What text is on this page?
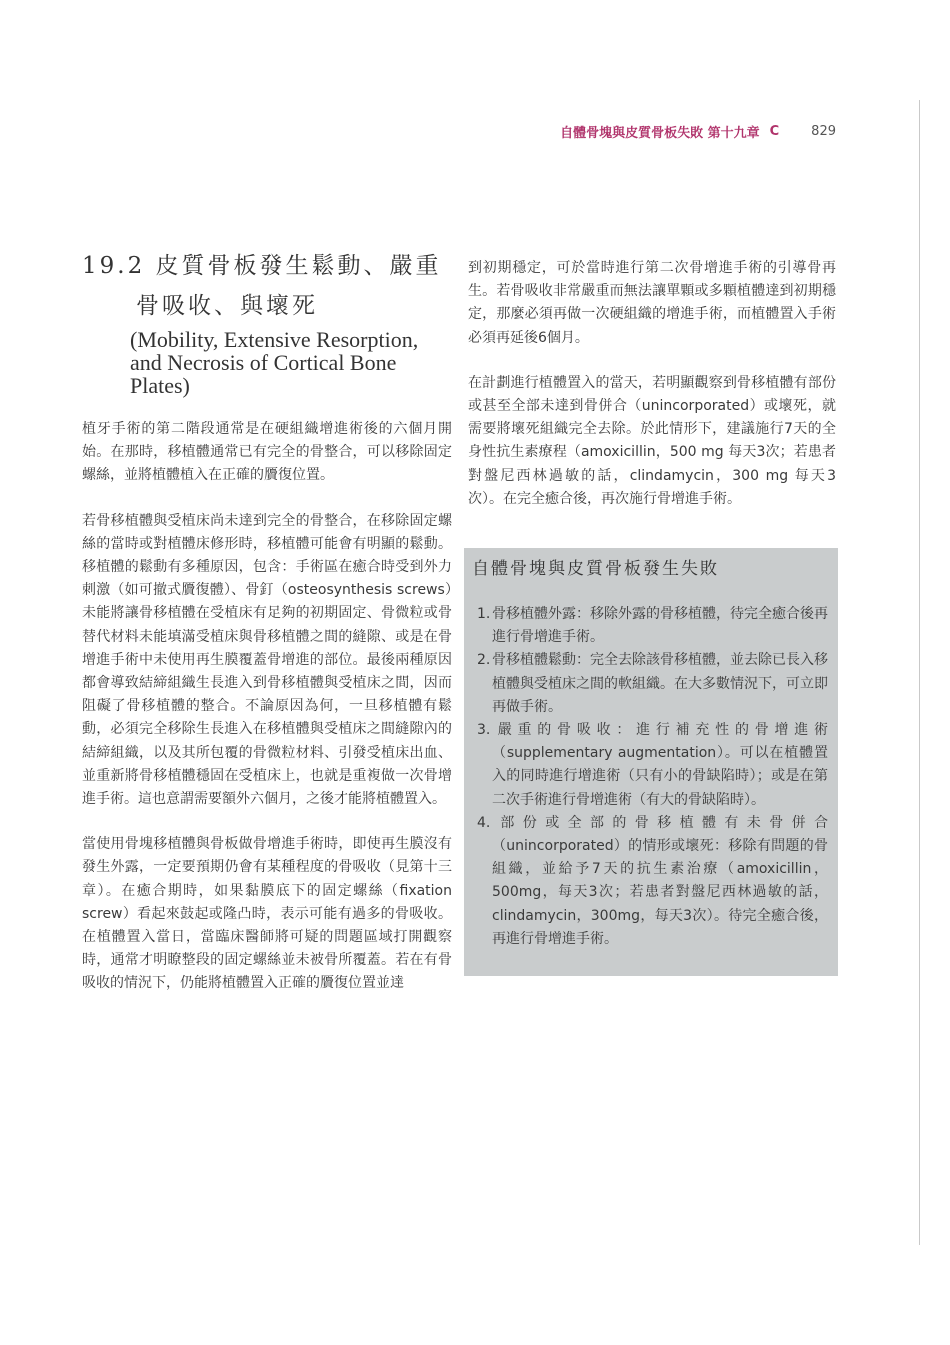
自體骨塊與皮質骨板失敗 第十九章 C 829
19.2 皮質骨板發生鬆動、嚴重
骨吸收、與壞死
(Mobility, Extensive Resorption, and Necrosis of Cortical Bone Plates)

植牙手術的第二階段通常是在硬組織增進術後的六個月開始。在那時，移植體通常已有完全的骨整合，可以移除固定螺絲，並將植體植入在正確的贗復位置。

若骨移植體與受植床尚未達到完全的骨整合，在移除固定螺絲的當時或對植體床修形時，移植體可能會有明顯的鬆動。移植體的鬆動有多種原因，包含：手術區在癒合時受到外力刺激（如可撤式贗復體）、骨釘（osteosynthesis screws）未能將讓骨移植體在受植床有足夠的初期固定、骨微粒或骨替代材料未能填滿受植床與骨移植體之間的縫隙、或是在骨增進手術中未使用再生膜覆蓋骨增進的部位。最後兩種原因都會導致結締組織生長進入到骨移植體與受植床之間，因而阻礙了骨移植體的整合。不論原因為何，一旦移植體有鬆動，必須完全移除生長進入在移植體與受植床之間縫隙內的結締組織，以及其所包覆的骨微粒材料、引發受植床出血、並重新將骨移植體穩固在受植床上，也就是重複做一次骨增進手術。這也意謂需要額外六個月，之後才能將植體置入。

當使用骨塊移植體與骨板做骨增進手術時，即使再生膜沒有發生外露，一定要預期仍會有某種程度的骨吸收（見第十三章）。在癒合期時，如果黏膜底下的固定螺絲（fixation screw）看起來鼓起或隆凸時，表示可能有過多的骨吸收。在植體置入當日，當臨床醫師將可疑的問題區域打開觀察時，通常才明瞭整段的固定螺絲並未被骨所覆蓋。若在有骨吸收的情況下，仍能將植體置入正確的贗復位置並達

到初期穩定，可於當時進行第二次骨增進手術的引導骨再生。若骨吸收非常嚴重而無法讓單顆或多顆植體達到初期穩定，那麼必須再做一次硬組織的增進手術，而植體置入手術必須再延後6個月。

在計劃進行植體置入的當天，若明顯觀察到骨移植體有部份或甚至全部未達到骨併合（unincorporated）或壞死，就需要將壞死組織完全去除。於此情形下，建議施行7天的全身性抗生素療程（amoxicillin，500 mg 每天3次；若患者對盤尼西林過敏的話，clindamycin，300 mg 每天3次）。在完全癒合後，再次施行骨增進手術。

自體骨塊與皮質骨板發生失敗
1. 骨移植體外露：移除外露的骨移植體，待完全癒合後再進行骨增進手術。
2. 骨移植體鬆動：完全去除該骨移植體，並去除已長入移植體與受植床之間的軟組織。在大多數情況下，可立即再做手術。
3. 嚴重的骨吸收：進行補充性的骨增進術（supplementary augmentation）。可以在植體置入的同時進行增進術（只有小的骨缺陷時）；或是在第二次手術進行骨增進術（有大的骨缺陷時）。
4. 部份或全部的骨移植體有未骨併合（unincorporated）的情形或壞死：移除有問題的骨組織，並給予7天的抗生素治療（amoxicillin，500mg，每天3次；若患者對盤尼西林過敏的話，clindamycin，300mg，每天3次）。待完全癒合後，再進行骨增進手術。
